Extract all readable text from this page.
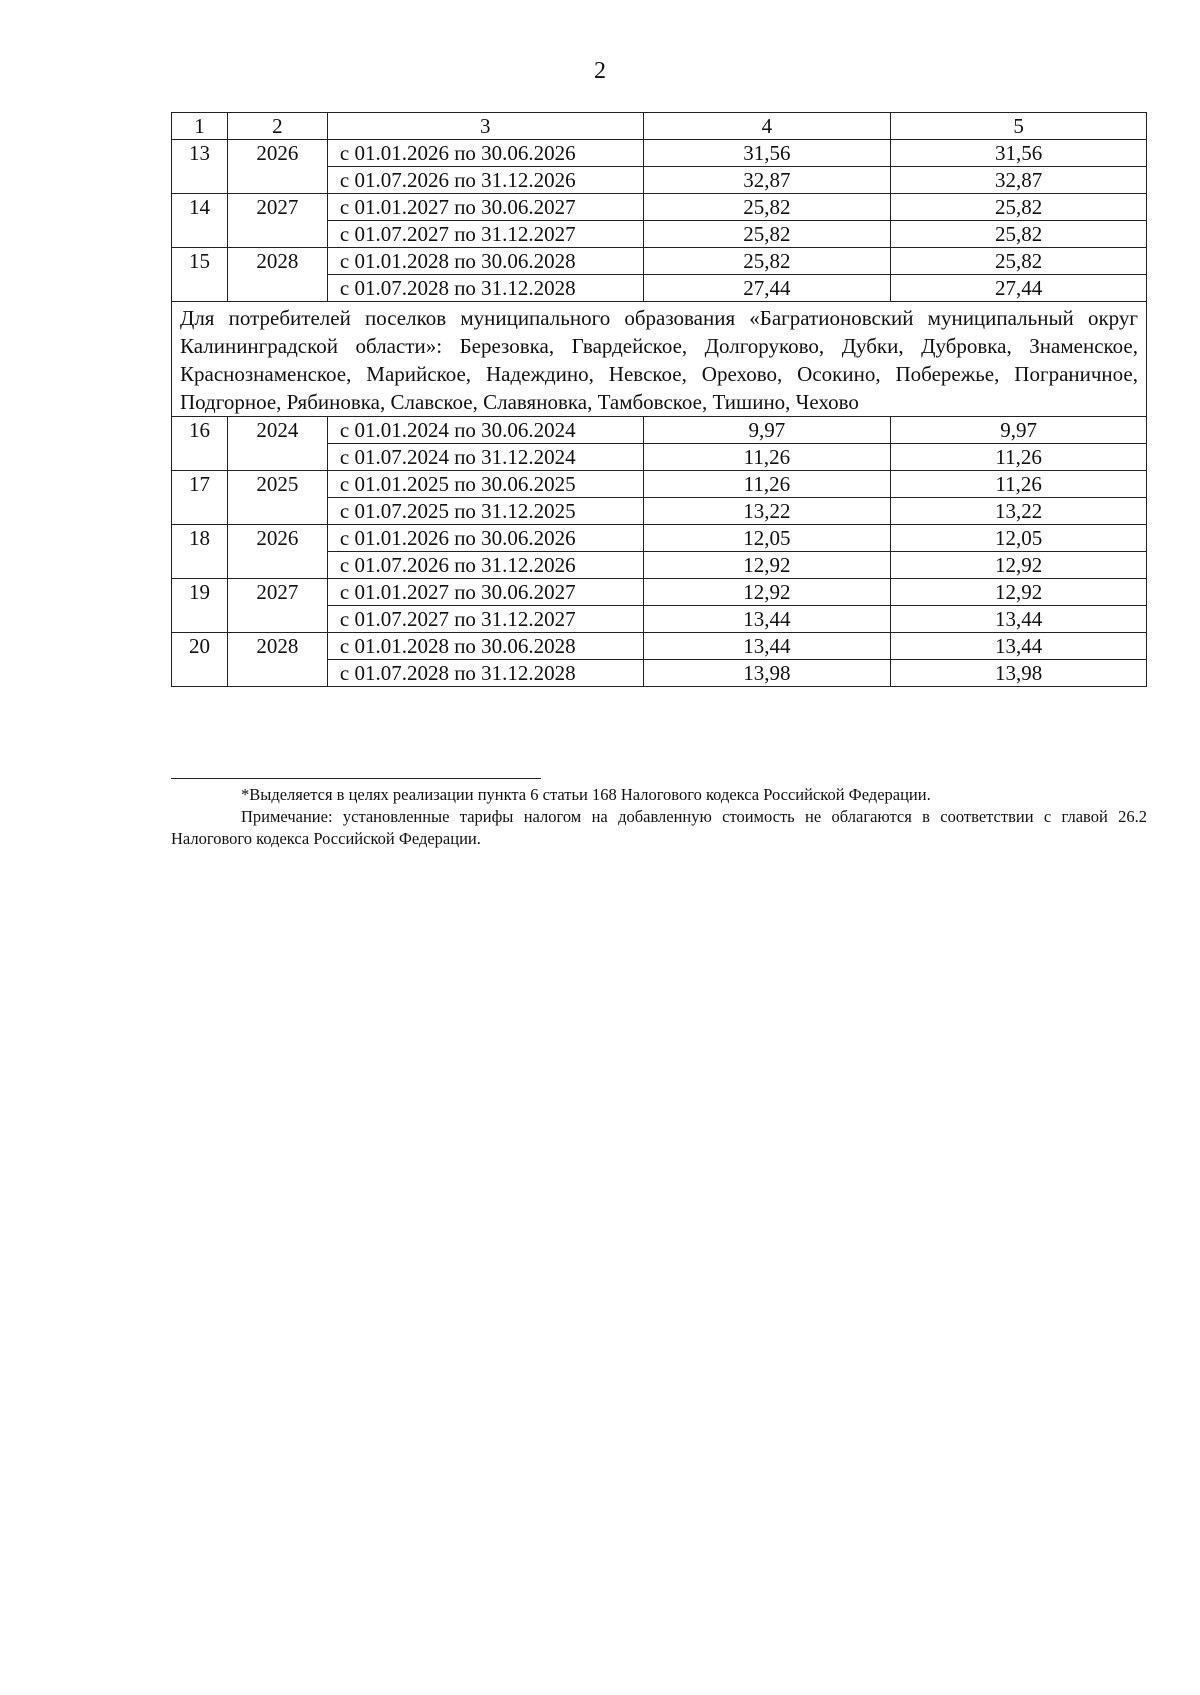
2
1	2	3	4	5
13	2026	с 01.01.2026 по 30.06.2026	31,56	31,56
		с 01.07.2026 по 31.12.2026	32,87	32,87
14	2027	с 01.01.2027 по 30.06.2027	25,82	25,82
		с 01.07.2027 по 31.12.2027	25,82	25,82
15	2028	с 01.01.2028 по 30.06.2028	25,82	25,82
		с 01.07.2028 по 31.12.2028	27,44	27,44
Для потребителей поселков муниципального образования «Багратионовский муниципальный округ Калининградской области»: Березовка, Гвардейское, Долгоруково, Дубки, Дубровка, Знаменское, Краснознаменское, Марийское, Надеждино, Невское, Орехово, Осокино, Побережье, Пограничное, Подгорное, Рябиновка, Славское, Славяновка, Тамбовское, Тишино, Чехово				
16	2024	с 01.01.2024 по 30.06.2024	9,97	9,97
		с 01.07.2024 по 31.12.2024	11,26	11,26
17	2025	с 01.01.2025 по 30.06.2025	11,26	11,26
		с 01.07.2025 по 31.12.2025	13,22	13,22
18	2026	с 01.01.2026 по 30.06.2026	12,05	12,05
		с 01.07.2026 по 31.12.2026	12,92	12,92
19	2027	с 01.01.2027 по 30.06.2027	12,92	12,92
		с 01.07.2027 по 31.12.2027	13,44	13,44
20	2028	с 01.01.2028 по 30.06.2028	13,44	13,44
		с 01.07.2028 по 31.12.2028	13,98	13,98

*Выделяется в целях реализации пункта 6 статьи 168 Налогового кодекса Российской Федерации.

Примечание: установленные тарифы налогом на добавленную стоимость не облагаются в соответствии с главой 26.2 Налогового кодекса Российской Федерации.
